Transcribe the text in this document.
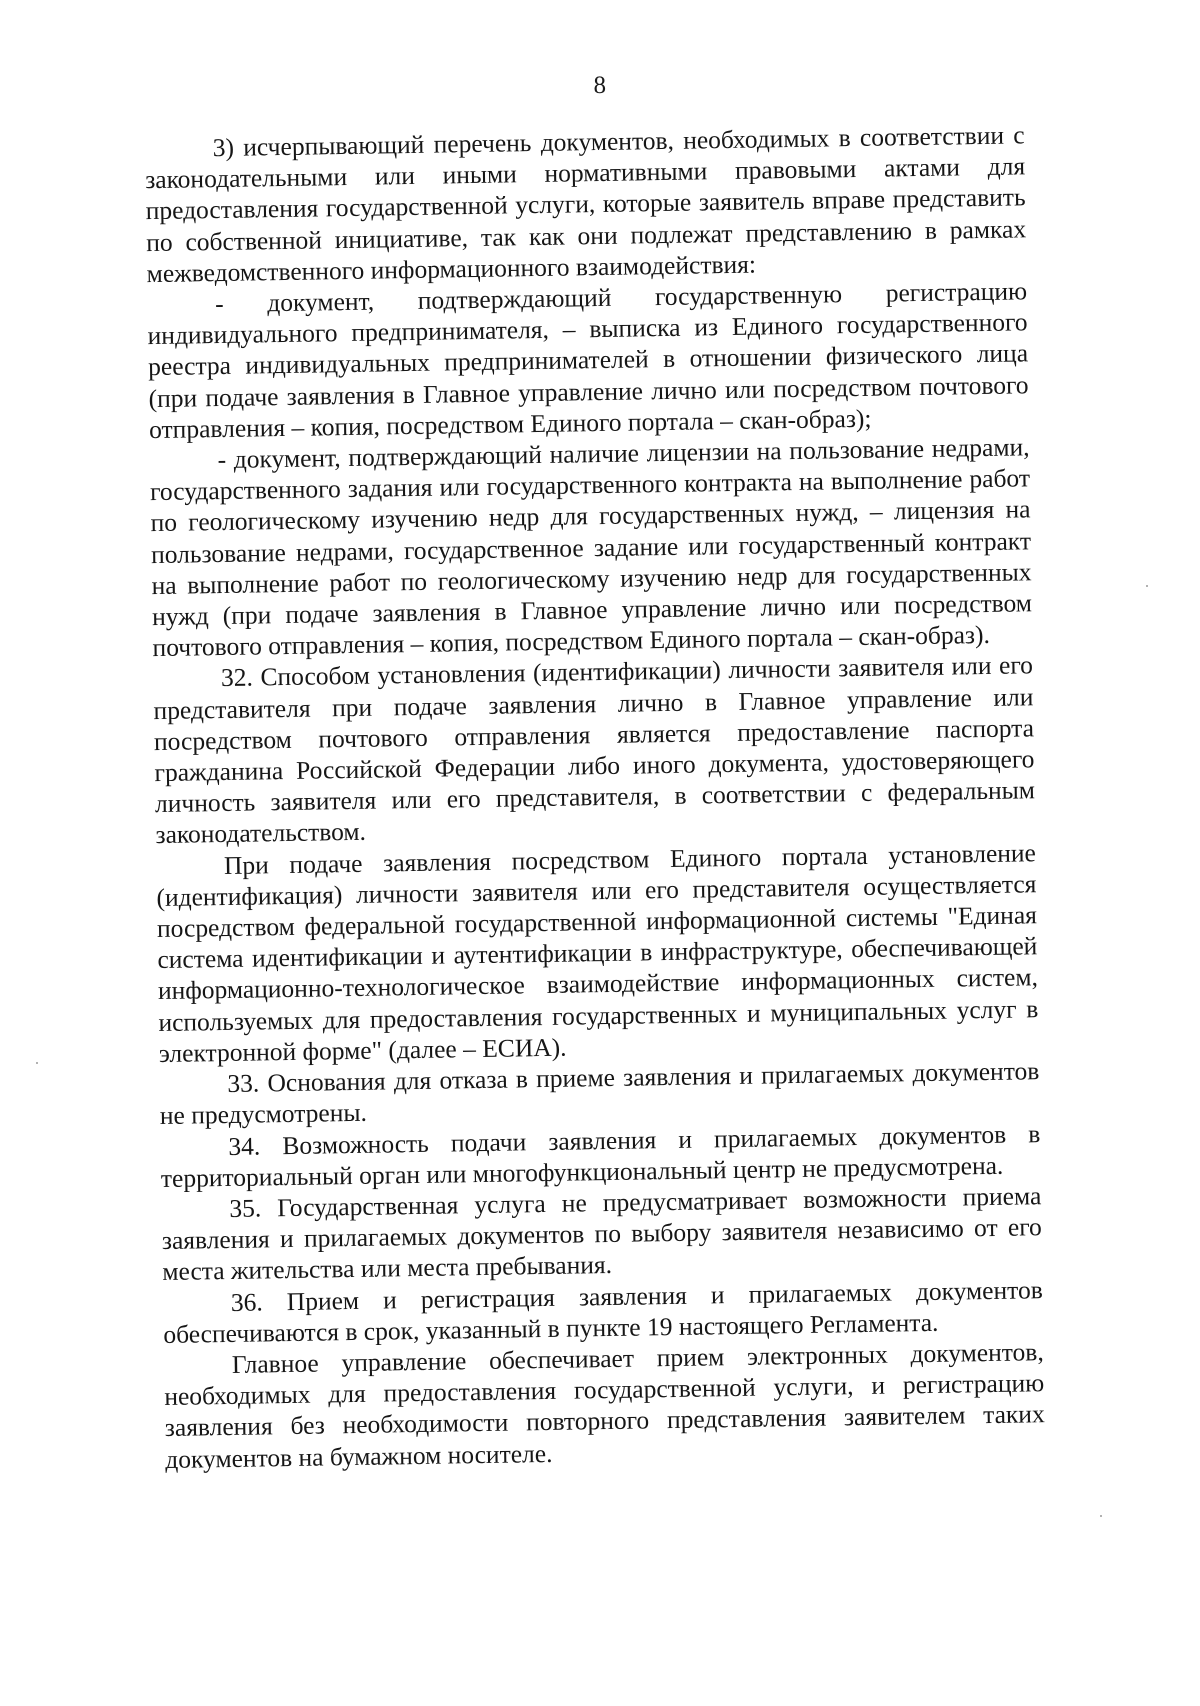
8

3) исчерпывающий перечень документов, необходимых в соответствии с законодательными или иными нормативными правовыми актами для предоставления государственной услуги, которые заявитель вправе представить по собственной инициативе, так как они подлежат представлению в рамках межведомственного информационного взаимодействия:

- документ, подтверждающий государственную регистрацию индивидуального предпринимателя, – выписка из Единого государственного реестра индивидуальных предпринимателей в отношении физического лица (при подаче заявления в Главное управление лично или посредством почтового отправления – копия, посредством Единого портала – скан-образ);

- документ, подтверждающий наличие лицензии на пользование недрами, государственного задания или государственного контракта на выполнение работ по геологическому изучению недр для государственных нужд, – лицензия на пользование недрами, государственное задание или государственный контракт на выполнение работ по геологическому изучению недр для государственных нужд (при подаче заявления в Главное управление лично или посредством почтового отправления – копия, посредством Единого портала – скан-образ).

32. Способом установления (идентификации) личности заявителя или его представителя при подаче заявления лично в Главное управление или посредством почтового отправления является предоставление паспорта гражданина Российской Федерации либо иного документа, удостоверяющего личность заявителя или его представителя, в соответствии с федеральным законодательством.

При подаче заявления посредством Единого портала установление (идентификация) личности заявителя или его представителя осуществляется посредством федеральной государственной информационной системы "Единая система идентификации и аутентификации в инфраструктуре, обеспечивающей информационно-технологическое взаимодействие информационных систем, используемых для предоставления государственных и муниципальных услуг в электронной форме" (далее – ЕСИА).

33. Основания для отказа в приеме заявления и прилагаемых документов не предусмотрены.

34. Возможность подачи заявления и прилагаемых документов в территориальный орган или многофункциональный центр не предусмотрена.

35. Государственная услуга не предусматривает возможности приема заявления и прилагаемых документов по выбору заявителя независимо от его места жительства или места пребывания.

36. Прием и регистрация заявления и прилагаемых документов обеспечиваются в срок, указанный в пункте 19 настоящего Регламента.

Главное управление обеспечивает прием электронных документов, необходимых для предоставления государственной услуги, и регистрацию заявления без необходимости повторного представления заявителем таких документов на бумажном носителе.
